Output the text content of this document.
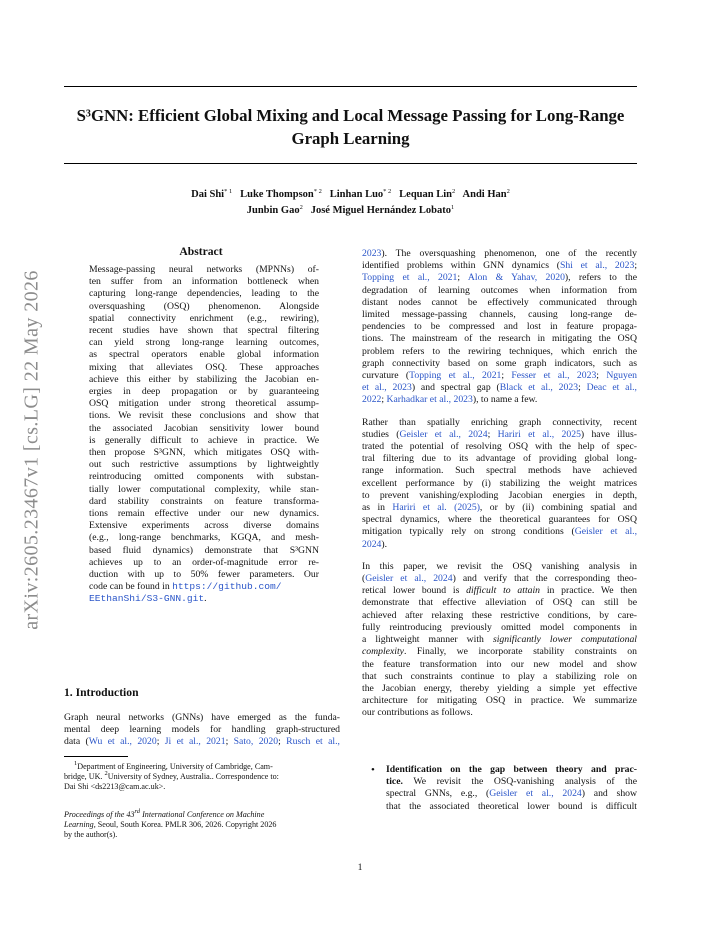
S³GNN: Efficient Global Mixing and Local Message Passing for Long-Range
Graph Learning
Dai Shi$^{* 1}$ Luke Thompson$^{* 2}$ Linhan Luo$^{* 2}$ Lequan Lin$^2$ Andi Han$^2$
Junbin Gao$^2$ José Miguel Hernández Lobato$^1$
arXiv:2605.23467v1 [cs.LG] 22 May 2026
Abstract
Message-passing neural networks (MPNNs) of-
ten suffer from an information bottleneck when
capturing long-range dependencies, leading to the
oversquashing (OSQ) phenomenon. Alongside
spatial connectivity enrichment (e.g., rewiring),
recent studies have shown that spectral filtering
can yield strong long-range learning outcomes,
as spectral operators enable global information
mixing that alleviates OSQ. These approaches
achieve this either by stabilizing the Jacobian en-
ergies in deep propagation or by guaranteeing
OSQ mitigation under strong theoretical assump-
tions. We revisit these conclusions and show that
the associated Jacobian sensitivity lower bound
is generally difficult to achieve in practice. We
then propose S³GNN, which mitigates OSQ with-
out such restrictive assumptions by lightweightly
reintroducing omitted components with substan-
tially lower computational complexity, while stan-
dard stability constraints on feature transforma-
tions remain effective under our new dynamics.
Extensive experiments across diverse domains
(e.g., long-range benchmarks, KGQA, and mesh-
based fluid dynamics) demonstrate that S³GNN
achieves up to an order-of-magnitude error re-
duction with up to 50% fewer parameters. Our
code can be found in https://github.com/
EEthanShi/S3-GNN.git.
1. Introduction
Graph neural networks (GNNs) have emerged as the funda-
mental deep learning models for handling graph-structured
data (Wu et al., 2020; Ji et al., 2021; Sato, 2020; Rusch et al.,
$^1$Department of Engineering, University of Cambridge, Cam-
bridge, UK. $^2$University of Sydney, Australia.. Correspondence to:
Dai Shi <ds2213@cam.ac.uk>.
Proceedings of the 43rd International Conference on Machine
Learning, Seoul, South Korea. PMLR 306, 2026. Copyright 2026
by the author(s).
2023). The oversquashing phenomenon, one of the recently
identified problems within GNN dynamics (Shi et al., 2023;
Topping et al., 2021; Alon & Yahav, 2020), refers to the
degradation of learning outcomes when information from
distant nodes cannot be effectively communicated through
limited message-passing channels, causing long-range de-
pendencies to be compressed and lost in feature propaga-
tions. The mainstream of the research in mitigating the OSQ
problem refers to the rewiring techniques, which enrich the
graph connectivity based on some graph indicators, such as
curvature (Topping et al., 2021; Fesser et al., 2023; Nguyen
et al., 2023) and spectral gap (Black et al., 2023; Deac et al.,
2022; Karhadkar et al., 2023), to name a few.
Rather than spatially enriching graph connectivity, recent
studies (Geisler et al., 2024; Hariri et al., 2025) have illus-
trated the potential of resolving OSQ with the help of spec-
tral filtering due to its advantage of providing global long-
range information. Such spectral methods have achieved
excellent performance by (i) stabilizing the weight matrices
to prevent vanishing/exploding Jacobian energies in depth,
as in Hariri et al. (2025), or by (ii) combining spatial and
spectral dynamics, where the theoretical guarantees for OSQ
mitigation typically rely on strong conditions (Geisler et al.,
2024).
In this paper, we revisit the OSQ vanishing analysis in
(Geisler et al., 2024) and verify that the corresponding theo-
retical lower bound is difficult to attain in practice. We then
demonstrate that effective alleviation of OSQ can still be
achieved after relaxing these restrictive conditions, by care-
fully reintroducing previously omitted model components in
a lightweight manner with significantly lower computational
complexity. Finally, we incorporate stability constraints on
the feature transformation into our new model and show
that such constraints continue to play a stabilizing role on
the Jacobian energy, thereby yielding a simple yet effective
architecture for mitigating OSQ in practice. We summarize
our contributions as follows.
• Identification on the gap between theory and prac-
tice. We revisit the OSQ-vanishing analysis of the
spectral GNNs, e.g., (Geisler et al., 2024) and show
that the associated theoretical lower bound is difficult
1
